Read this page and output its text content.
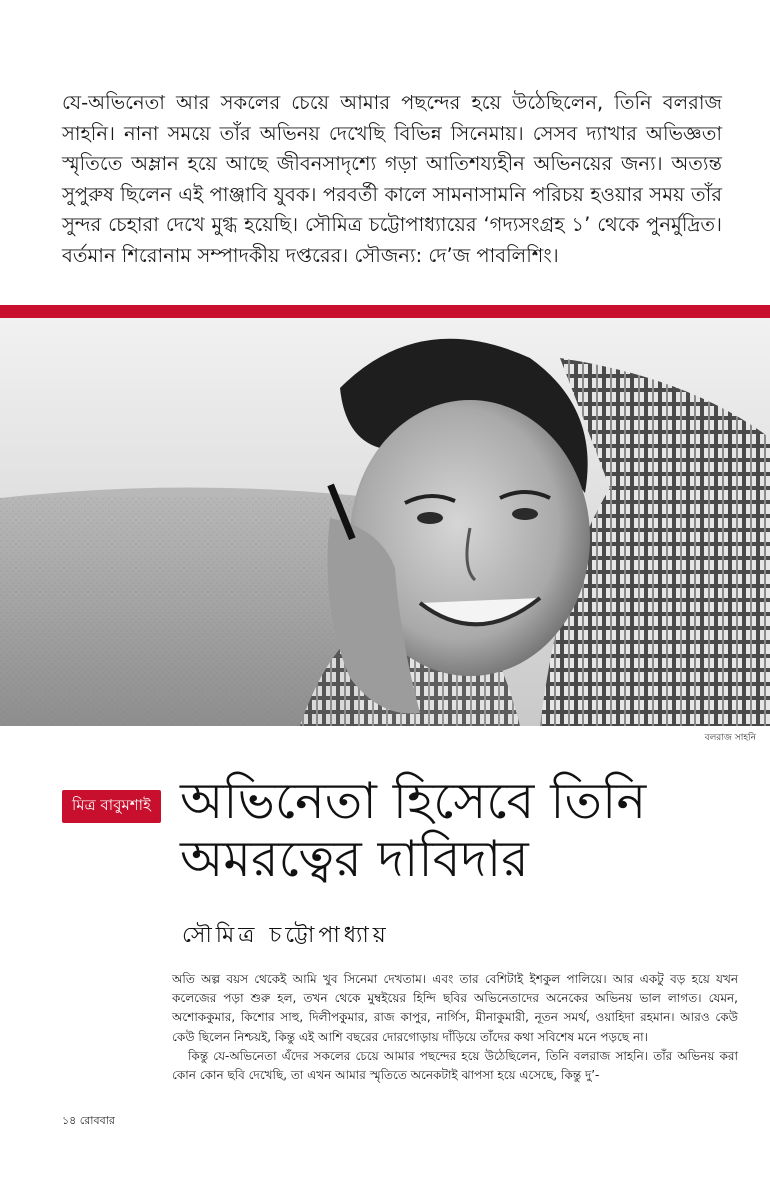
যে-অভিনেতা আর সকলের চেয়ে আমার পছন্দের হয়ে উঠেছিলেন, তিনি বলরাজ সাহনি। নানা সময়ে তাঁর অভিনয় দেখেছি বিভিন্ন সিনেমায়। সেসব দ্যাখার অভিজ্ঞতা স্মৃতিতে অম্লান হয়ে আছে জীবনসাদৃশ্যে গড়া আতিশয্যহীন অভিনয়ের জন্য। অত্যন্ত সুপুরুষ ছিলেন এই পাঞ্জাবি যুবক। পরবর্তী কালে সামনাসামনি পরিচয় হওয়ার সময় তাঁর সুন্দর চেহারা দেখে মুগ্ধ হয়েছি। সৌমিত্র চট্টোপাধ্যায়ের ‘গদ্যসংগ্রহ ১’ থেকে পুনর্মুদ্রিত। বর্তমান শিরোনাম সম্পাদকীয় দপ্তরের। সৌজন্য: দে’জ পাবলিশিং।
বলরাজ সাহনি
মিত্র বাবুমশাই অভিনেতা হিসেবে তিনি
অমরত্বের দাবিদার
সৌমিত্র চট্টোপাধ্যায়

অতি অল্প বয়স থেকেই আমি খুব সিনেমা দেখতাম। এবং তার বেশিটাই ইশকুল পালিয়ে। আর একটু বড় হয়ে যখন কলেজের পড়া শুরু হল, তখন থেকে মুম্বইয়ের হিন্দি ছবির অভিনেতাদের অনেকের অভিনয় ভাল লাগত। যেমন, অশোককুমার, কিশোর সাহু, দিলীপকুমার, রাজ কাপুর, নার্গিস, মীনাকুমারী, নূতন সমর্থ, ওয়াহিদা রহমান। আরও কেউ কেউ ছিলেন নিশ্চয়ই, কিন্তু এই আশি বছরের দোরগোড়ায় দাঁড়িয়ে তাঁদের কথা সবিশেষ মনে পড়ছে না।

কিন্তু যে-অভিনেতা এঁদের সকলের চেয়ে আমার পছন্দের হয়ে উঠেছিলেন, তিনি বলরাজ সাহনি। তাঁর অভিনয় করা কোন কোন ছবি দেখেছি, তা এখন আমার স্মৃতিতে অনেকটাই ঝাপসা হয়ে এসেছে, কিন্তু দু’-

১৪ রোববার
